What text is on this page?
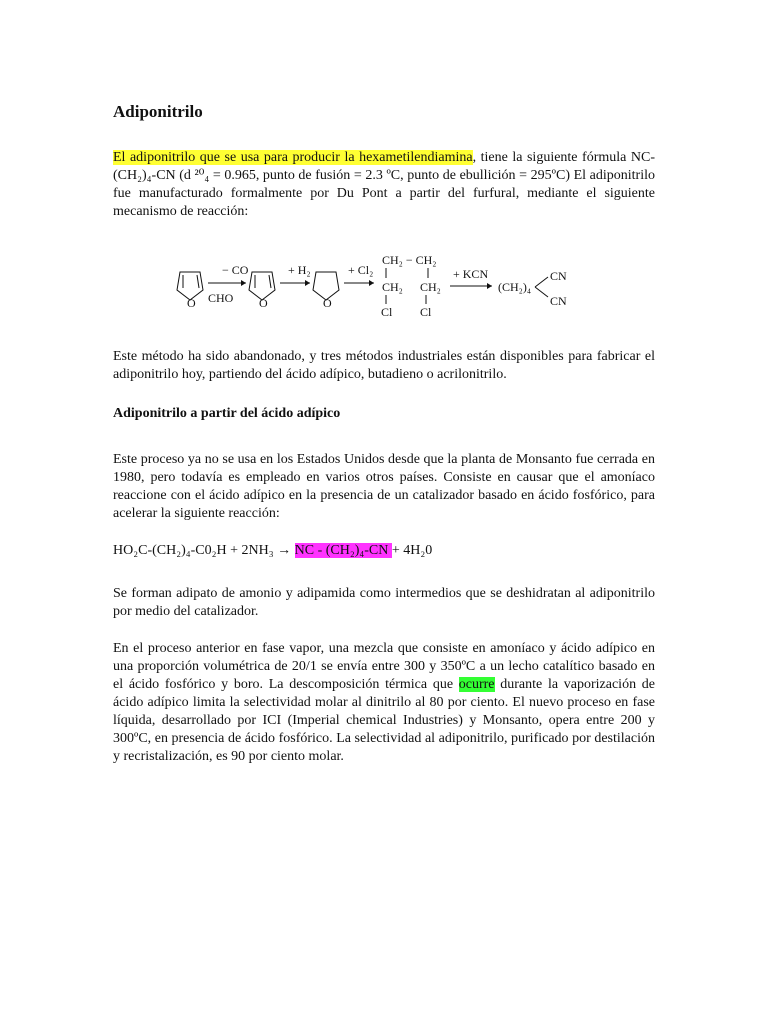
Adiponitrilo

El adiponitrilo que se usa para producir la hexametilendiamina, tiene la siguiente fórmula NC-(CH₂)₄-CN (d ²⁰₄ = 0.965, punto de fusión = 2.3 ºC, punto de ebullición = 295ºC) El adiponitrilo fue manufacturado formalmente por Du Pont a partir del furfural, mediante el siguiente mecanismo de reacción:

O CHO
− CO
O
+ H₂
O
+ Cl₂
CH₂ − CH₂
CH₂ CH₂
Cl Cl
+ KCN
(CH₂)₄
CN
CN

Este método ha sido abandonado, y tres métodos industriales están disponibles para fabricar el adiponitrilo hoy, partiendo del ácido adípico, butadieno o acrilonitrilo.

Adiponitrilo a partir del ácido adípico

Este proceso ya no se usa en los Estados Unidos desde que la planta de Monsanto fue cerrada en 1980, pero todavía es empleado en varios otros países. Consiste en causar que el amoníaco reaccione con el ácido adípico en la presencia de un catalizador basado en ácido fosfórico, para acelerar la siguiente reacción:

HO₂C-(CH₂)₄-C0₂H + 2NH₃ → NC - (CH₂)₄-CN + 4H₂0

Se forman adipato de amonio y adipamida como intermedios que se deshidratan al adiponitrilo por medio del catalizador.

En el proceso anterior en fase vapor, una mezcla que consiste en amoníaco y ácido adípico en una proporción volumétrica de 20/1 se envía entre 300 y 350ºC a un lecho catalítico basado en el ácido fosfórico y boro. La descomposición térmica que ocurre durante la vaporización de ácido adípico limita la selectividad molar al dinitrilo al 80 por ciento. El nuevo proceso en fase líquida, desarrollado por ICI (Imperial chemical Industries) y Monsanto, opera entre 200 y 300ºC, en presencia de ácido fosfórico. La selectividad al adiponitrilo, purificado por destilación y recristalización, es 90 por ciento molar.
